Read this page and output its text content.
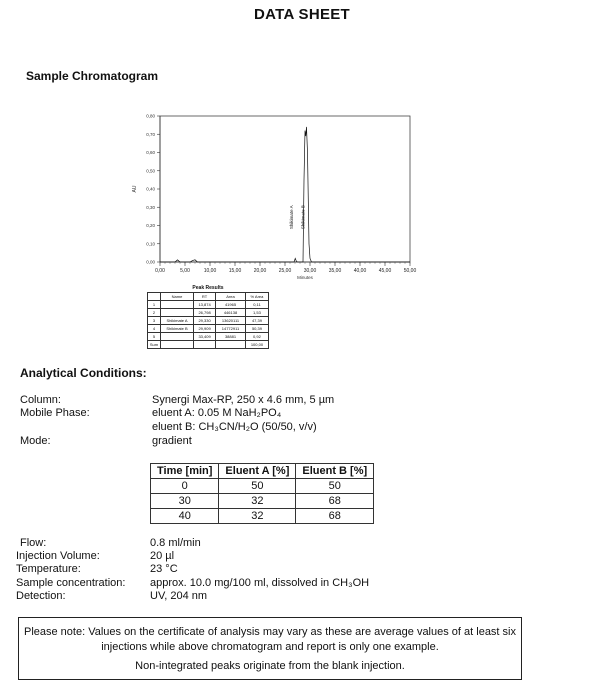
DATA SHEET
Sample Chromatogram
0,00	5,00	10,00 15,00 20,00 25,00 30,00 35,00 40,00 45,00 50,00
0,00
0,10
0,20
0,30
0,40
0,50
0,60
0,70
0,80
Minutes
AU
Shikimate A Shikimate B
Peak Results
	Name	RT	Area	% Area
1		13,874	41965	0,11
2		26,798	446138	1,53
3	Shikimate A	29,330	13620111	47,39
4	Shikimate B	29,909	14772911	50,39
5		33,409	38881	0,92
Sum				100,00
Analytical Conditions:
Column:	Synergi Max-RP, 250 x 4.6 mm, 5 µm
Mobile Phase:	eluent A: 0.05 M NaH₂PO₄
eluent B: CH₃CN/H₂O (50/50, v/v)
Mode:	gradient
Time [min]	Eluent A [%]	Eluent B [%]
0	50	50
30	32	68
40	32	68
Flow:	0.8 ml/min
Injection Volume:	20 µl
Temperature:	23 °C
Sample concentration: approx. 10.0 mg/100 ml, dissolved in CH₃OH
Detection:	UV, 204 nm

Please note: Values on the certificate of analysis may vary as these are average values of at least six injections while above chromatogram and report is only one example.

Non-integrated peaks originate from the blank injection.
